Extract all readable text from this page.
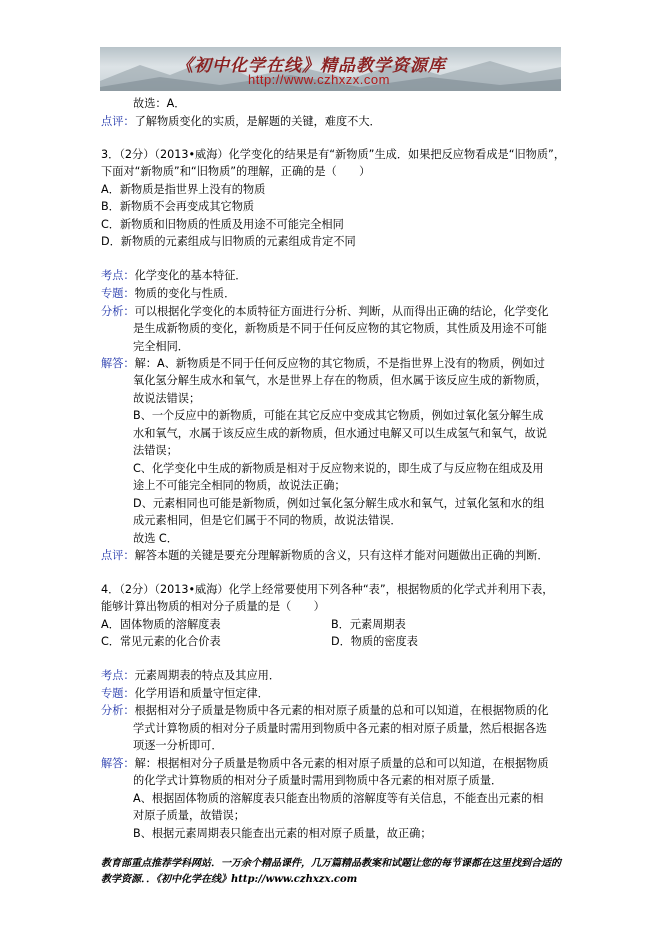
《初中化学在线》精品教学资源库
http://www.czhxzx.com
故选：A．
点评：了解物质变化的实质，是解题的关键，难度不大．
3．（2分）（2013•威海）化学变化的结果是有“新物质”生成．如果把反应物看成是“旧物质”，
下面对“新物质”和“旧物质”的理解，正确的是（　　）
A．新物质是指世界上没有的物质
B．新物质不会再变成其它物质
C．新物质和旧物质的性质及用途不可能完全相同
D．新物质的元素组成与旧物质的元素组成肯定不同
考点：化学变化的基本特征．
专题：物质的变化与性质．
分析：可以根据化学变化的本质特征方面进行分析、判断，从而得出正确的结论，化学变化
是生成新物质的变化，新物质是不同于任何反应物的其它物质，其性质及用途不可能
完全相同．
解答：解：A、新物质是不同于任何反应物的其它物质，不是指世界上没有的物质，例如过
氧化氢分解生成水和氧气，水是世界上存在的物质，但水属于该反应生成的新物质，
故说法错误；
B、一个反应中的新物质，可能在其它反应中变成其它物质，例如过氧化氢分解生成
水和氧气，水属于该反应生成的新物质，但水通过电解又可以生成氢气和氧气，故说
法错误；
C、化学变化中生成的新物质是相对于反应物来说的，即生成了与反应物在组成及用
途上不可能完全相同的物质，故说法正确；
D、元素相同也可能是新物质，例如过氧化氢分解生成水和氧气，过氧化氢和水的组
成元素相同，但是它们属于不同的物质，故说法错误．
故选 C．
点评：解答本题的关键是要充分理解新物质的含义，只有这样才能对问题做出正确的判断．
4．（2分）（2013•威海）化学上经常要使用下列各种“表”，根据物质的化学式并利用下表，
能够计算出物质的相对分子质量的是（　　）
A．固体物质的溶解度表	B．元素周期表
C．常见元素的化合价表	D．物质的密度表
考点：元素周期表的特点及其应用．
专题：化学用语和质量守恒定律．
分析：根据相对分子质量是物质中各元素的相对原子质量的总和可以知道，在根据物质的化
学式计算物质的相对分子质量时需用到物质中各元素的相对原子质量，然后根据各选
项逐一分析即可．
解答：解：根据相对分子质量是物质中各元素的相对原子质量的总和可以知道，在根据物质
的化学式计算物质的相对分子质量时需用到物质中各元素的相对原子质量．
A、根据固体物质的溶解度表只能查出物质的溶解度等有关信息，不能查出元素的相
对原子质量，故错误；
B、根据元素周期表只能查出元素的相对原子质量，故正确；
教育部重点推荐学科网站．一万余个精品课件，几万篇精品教案和试题让您的每节课都在这里找到合适的
教学资源．．《初中化学在线》http://www.czhxzx.com
